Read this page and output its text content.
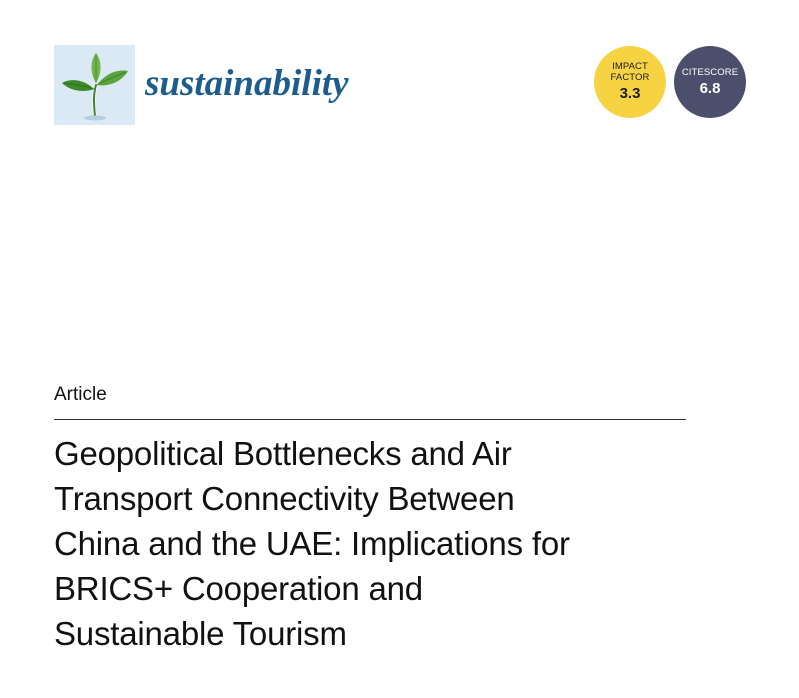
sustainability	IMPACT FACTOR
3.3
CITESCORE
6.8
Article
Geopolitical Bottlenecks and Air
Transport Connectivity Between
China and the UAE: Implications for
BRICS+ Cooperation and
Sustainable Tourism
